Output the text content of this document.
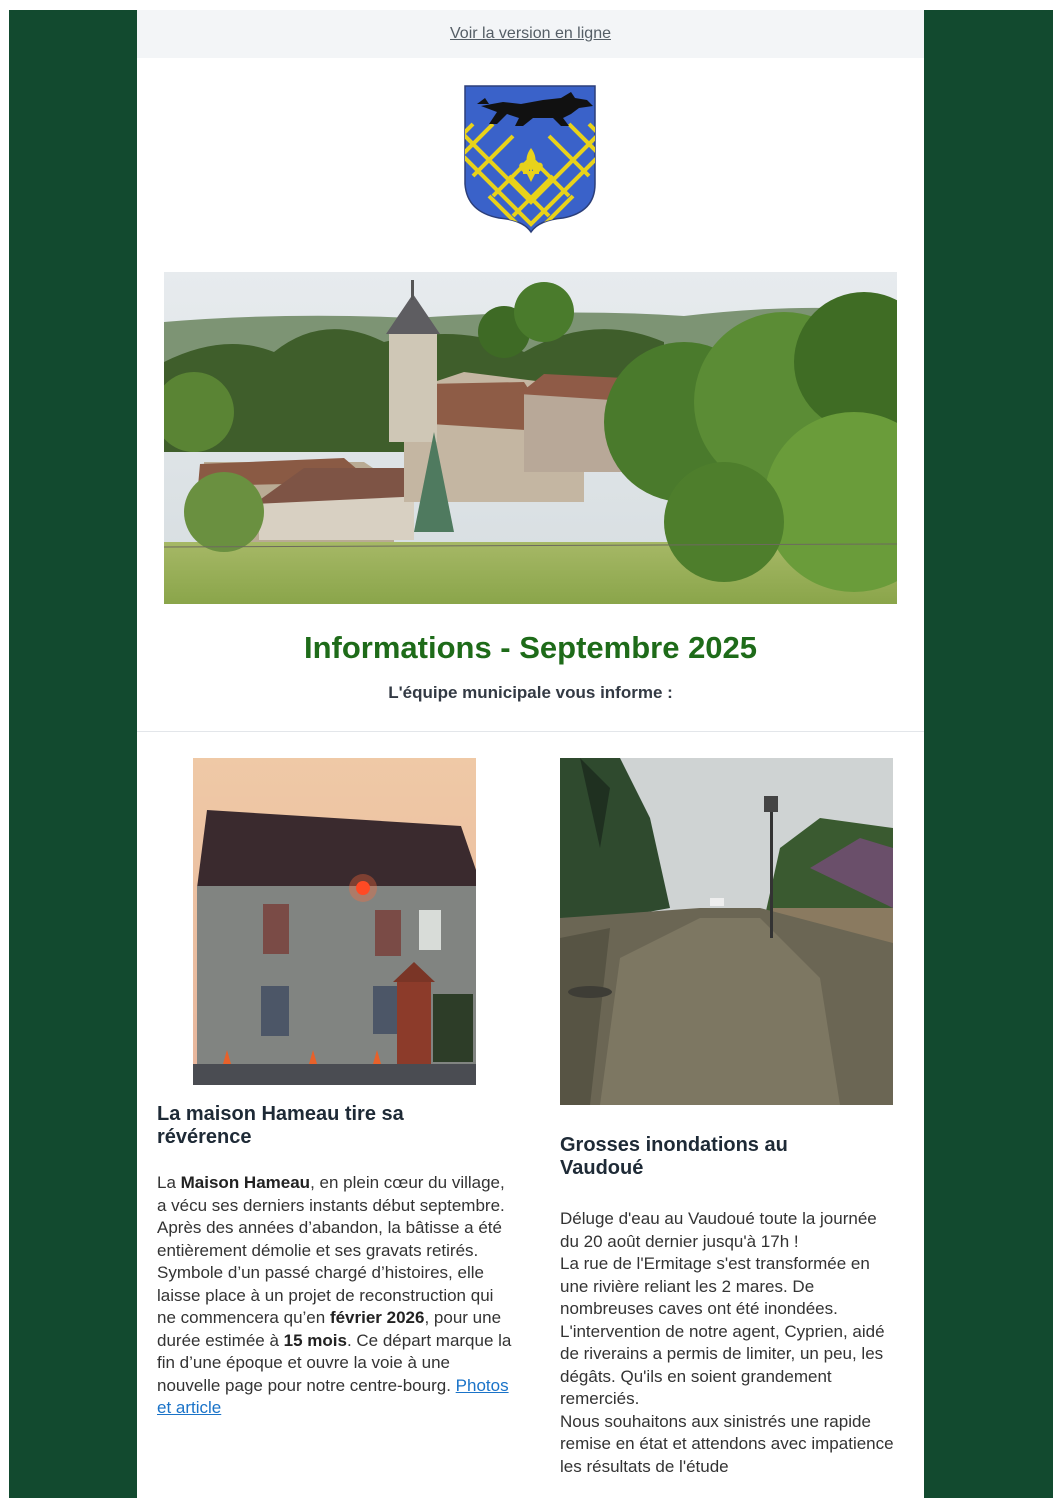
Voir la version en ligne
Informations - Septembre 2025
L'équipe municipale vous informe :
La maison Hameau tire sa révérence

La Maison Hameau, en plein cœur du village, a vécu ses derniers instants début septembre. Après des années d’abandon, la bâtisse a été entièrement démolie et ses gravats retirés.

Symbole d’un passé chargé d’histoires, elle laisse place à un projet de reconstruction qui ne commencera qu’en février 2026, pour une durée estimée à 15 mois. Ce départ marque la fin d’une époque et ouvre la voie à une nouvelle page pour notre centre-bourg. Photos et article

Grosses inondations au Vaudoué

Déluge d'eau au Vaudoué toute la journée du 20 août dernier jusqu'à 17h !

La rue de l'Ermitage s'est transformée en une rivière reliant les 2 mares. De nombreuses caves ont été inondées.

L'intervention de notre agent, Cyprien, aidé de riverains a permis de limiter, un peu, les dégâts. Qu'ils en soient grandement remerciés.

Nous souhaitons aux sinistrés une rapide remise en état et attendons avec impatience les résultats de l'étude
